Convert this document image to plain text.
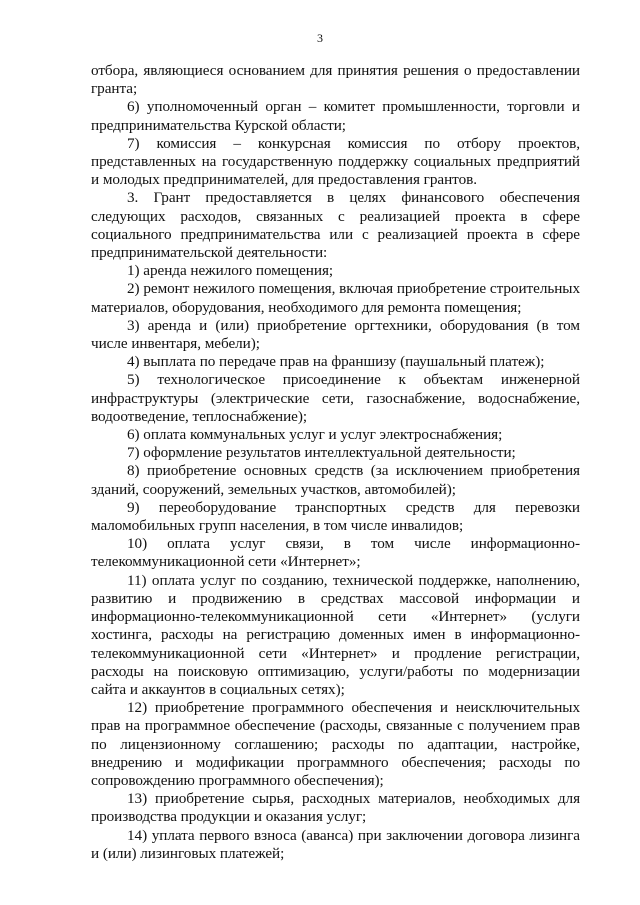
3

отбора, являющиеся основанием для принятия решения о предоставлении гранта;

6) уполномоченный орган – комитет промышленности, торговли и предпринимательства Курской области;

7) комиссия – конкурсная комиссия по отбору проектов, представленных на государственную поддержку социальных предприятий и молодых предпринимателей, для предоставления грантов.

3. Грант предоставляется в целях финансового обеспечения следующих расходов, связанных с реализацией проекта в сфере социального предпринимательства или с реализацией проекта в сфере предпринимательской деятельности:

1) аренда нежилого помещения;

2) ремонт нежилого помещения, включая приобретение строительных материалов, оборудования, необходимого для ремонта помещения;

3) аренда и (или) приобретение оргтехники, оборудования (в том числе инвентаря, мебели);

4) выплата по передаче прав на франшизу (паушальный платеж);

5) технологическое присоединение к объектам инженерной инфраструктуры (электрические сети, газоснабжение, водоснабжение, водоотведение, теплоснабжение);

6) оплата коммунальных услуг и услуг электроснабжения;

7) оформление результатов интеллектуальной деятельности;

8) приобретение основных средств (за исключением приобретения зданий, сооружений, земельных участков, автомобилей);

9) переоборудование транспортных средств для перевозки маломобильных групп населения, в том числе инвалидов;

10) оплата услуг связи, в том числе информационно-телекоммуникационной сети «Интернет»;

11) оплата услуг по созданию, технической поддержке, наполнению, развитию и продвижению в средствах массовой информации и информационно-телекоммуникационной сети «Интернет» (услуги хостинга, расходы на регистрацию доменных имен в информационно-телекоммуникационной сети «Интернет» и продление регистрации, расходы на поисковую оптимизацию, услуги/работы по модернизации сайта и аккаунтов в социальных сетях);

12) приобретение программного обеспечения и неисключительных прав на программное обеспечение (расходы, связанные с получением прав по лицензионному соглашению; расходы по адаптации, настройке, внедрению и модификации программного обеспечения; расходы по сопровождению программного обеспечения);

13) приобретение сырья, расходных материалов, необходимых для производства продукции и оказания услуг;

14) уплата первого взноса (аванса) при заключении договора лизинга и (или) лизинговых платежей;
